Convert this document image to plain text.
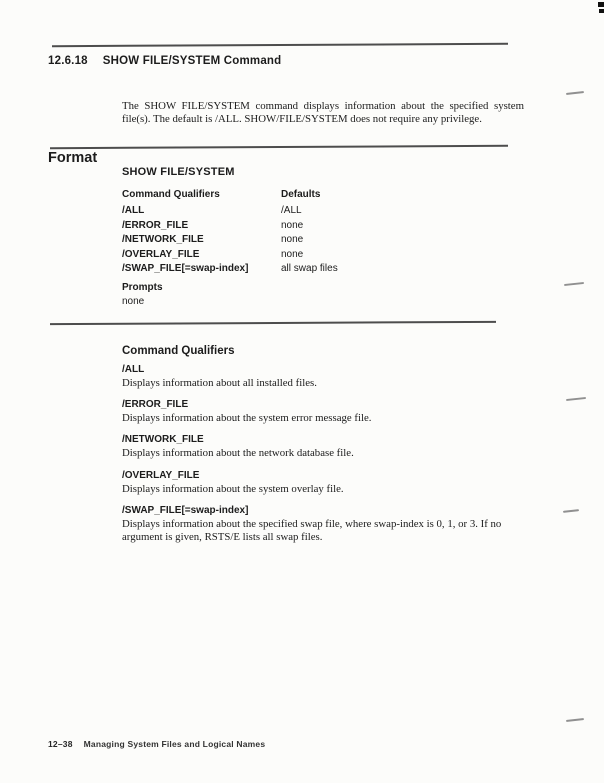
12.6.18 SHOW FILE/SYSTEM Command

The SHOW FILE/SYSTEM command displays information about the specified system file(s). The default is /ALL. SHOW/FILE/SYSTEM does not require any privilege.

Format
SHOW FILE/SYSTEM
Command Qualifiers	Defaults
/ALL	/ALL
/ERROR_FILE	none
/NETWORK_FILE	none
/OVERLAY_FILE	none
/SWAP_FILE[=swap-index]	all swap files
Prompts
none
Command Qualifiers
/ALL

Displays information about all installed files.

/ERROR_FILE

Displays information about the system error message file.

/NETWORK_FILE

Displays information about the network database file.

/OVERLAY_FILE

Displays information about the system overlay file.

/SWAP_FILE[=swap-index]

Displays information about the specified swap file, where swap-index is 0, 1, or 3. If no argument is given, RSTS/E lists all swap files.

12–38 Managing System Files and Logical Names
